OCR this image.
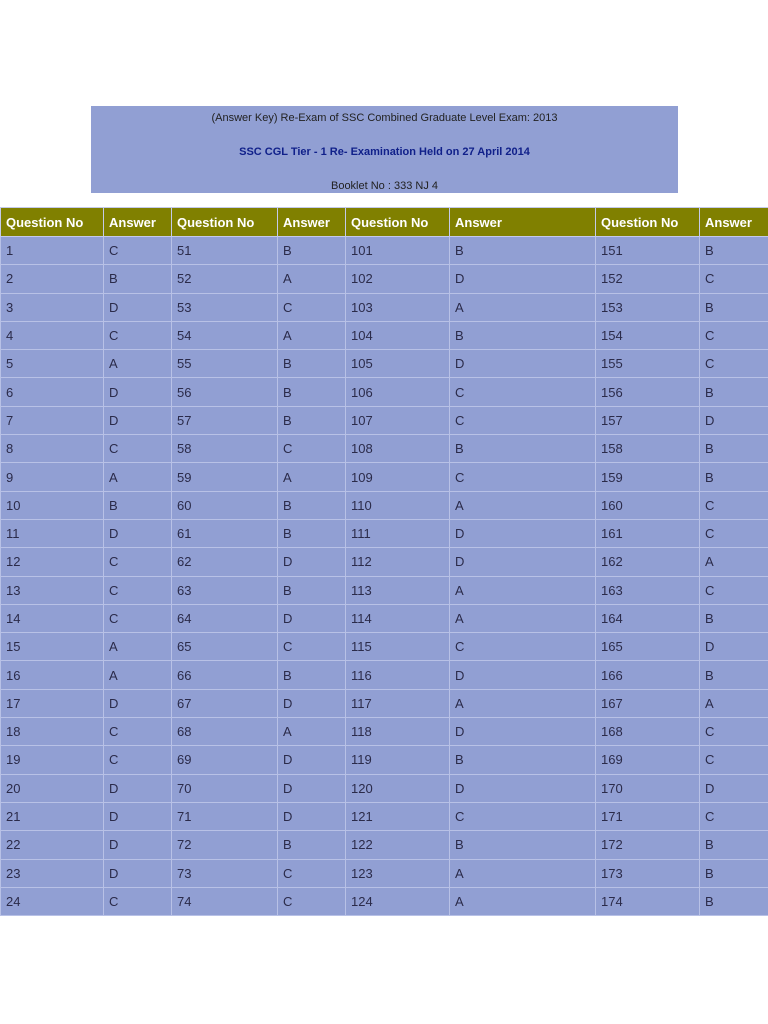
(Answer Key) Re-Exam of SSC Combined Graduate Level Exam: 2013
SSC CGL Tier - 1 Re- Examination Held on 27 April 2014
Booklet No : 333 NJ 4
Question No	Answer	Question No	Answer	Question No	Answer	Question No	Answer
1	C	51	B	101	B	151	B
2	B	52	A	102	D	152	C
3	D	53	C	103	A	153	B
4	C	54	A	104	B	154	C
5	A	55	B	105	D	155	C
6	D	56	B	106	C	156	B
7	D	57	B	107	C	157	D
8	C	58	C	108	B	158	B
9	A	59	A	109	C	159	B
10	B	60	B	110	A	160	C
11	D	61	B	111	D	161	C
12	C	62	D	112	D	162	A
13	C	63	B	113	A	163	C
14	C	64	D	114	A	164	B
15	A	65	C	115	C	165	D
16	A	66	B	116	D	166	B
17	D	67	D	117	A	167	A
18	C	68	A	118	D	168	C
19	C	69	D	119	B	169	C
20	D	70	D	120	D	170	D
21	D	71	D	121	C	171	C
22	D	72	B	122	B	172	B
23	D	73	C	123	A	173	B
24	C	74	C	124	A	174	B
